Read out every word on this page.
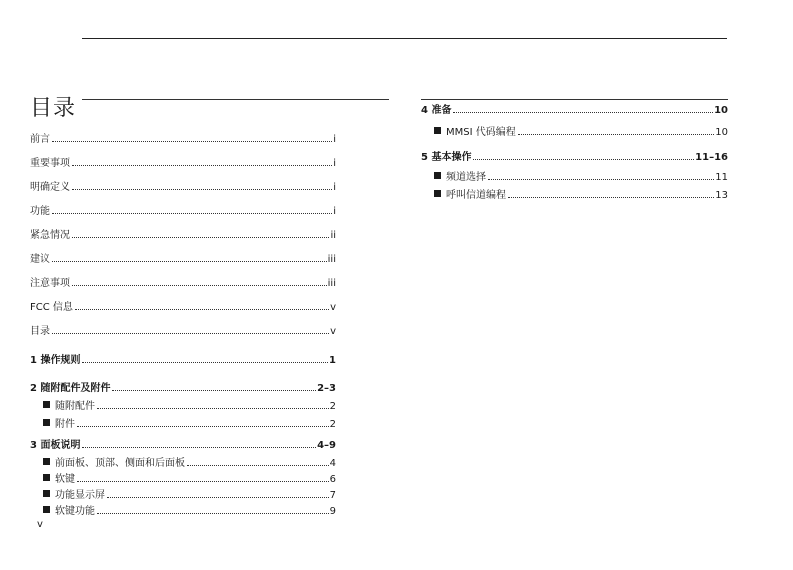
目录
前言	i
重要事项	i
明确定义	i
功能	i
紧急情况	ii
建议	iii
注意事项	iii
FCC 信息	v
目录	v
1 操作规则	1
2 随附配件及附件	2–3
随附配件	2
附件	2
3 面板说明	4–9
前面板、顶部、侧面和后面板	4
软键	6
功能显示屏	7
软键功能	9
4 准备	10
MMSI 代码编程	10
5 基本操作	11–16
频道选择	11
呼叫信道编程	13
v
